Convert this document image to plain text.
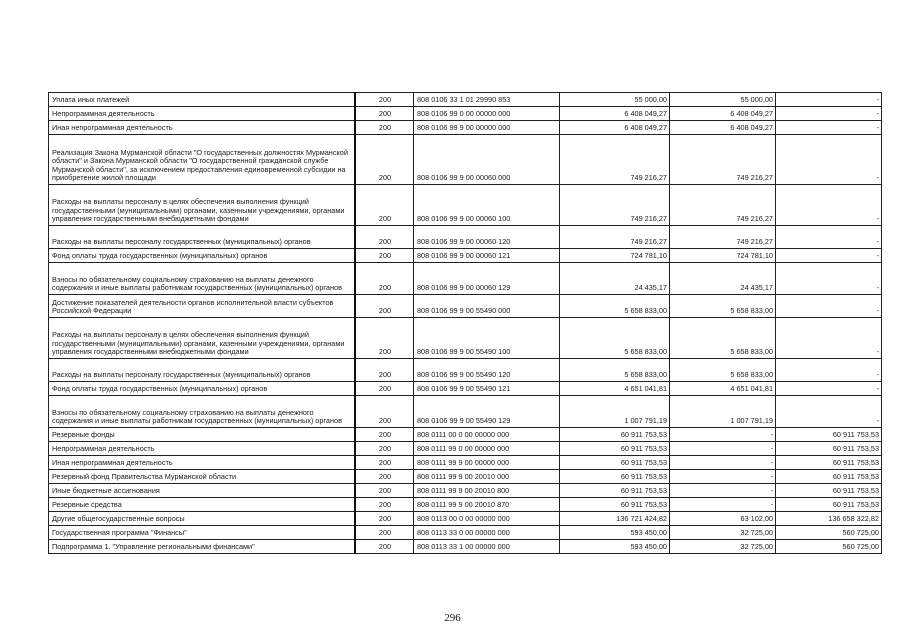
Уплата иных платежей	200	808 0106 33 1 01 29990 853	55 000,00	55 000,00	-
Непрограммная деятельность	200	808 0106 99 0 00 00000 000	6 408 049,27	6 408 049,27	-
Иная непрограммная деятельность	200	808 0106 99 9 00 00000 000	6 408 049,27	6 408 049,27	-
Реализация Закона Мурманской области "О государственных должностях Мурманской области" и Закона Мурманской области "О государственной гражданской службе Мурманской области", за исключением предоставления единовременной субсидии на приобретение жилой площади	200	808 0106 99 9 00 00060 000	749 216,27	749 216,27	-
Расходы на выплаты персоналу в целях обеспечения выполнения функций государственными (муниципальными) органами, казенными учреждениями, органами управления государственными внебюджетными фондами	200	808 0106 99 9 00 00060 100	749 216,27	749 216,27	-
Расходы на выплаты персоналу государственных (муниципальных) органов	200	808 0106 99 9 00 00060 120	749 216,27	749 216,27	-
Фонд оплаты труда государственных (муниципальных) органов	200	808 0106 99 9 00 00060 121	724 781,10	724 781,10	-
Взносы по обязательному социальному страхованию на выплаты денежного содержания и иные выплаты работникам государственных (муниципальных) органов	200	808 0106 99 9 00 00060 129	24 435,17	24 435,17	-
Достижение показателей деятельности органов исполнительной власти субъектов Российской Федерации	200	808 0106 99 9 00 55490 000	5 658 833,00	5 658 833,00	-
Расходы на выплаты персоналу в целях обеспечения выполнения функций государственными (муниципальными) органами, казенными учреждениями, органами управления государственными внебюджетными фондами	200	808 0106 99 9 00 55490 100	5 658 833,00	5 658 833,00	-
Расходы на выплаты персоналу государственных (муниципальных) органов	200	808 0106 99 9 00 55490 120	5 658 833,00	5 658 833,00	-
Фонд оплаты труда государственных (муниципальных) органов	200	808 0106 99 9 00 55490 121	4 651 041,81	4 651 041,81	-
Взносы по обязательному социальному страхованию на выплаты денежного содержания и иные выплаты работникам государственных (муниципальных) органов	200	808 0106 99 9 00 55490 129	1 007 791,19	1 007 791,19	-
Резервные фонды	200	808 0111 00 0 00 00000 000	60 911 753,53	-	60 911 753,53
Непрограммная деятельность	200	808 0111 99 0 00 00000 000	60 911 753,53	-	60 911 753,53
Иная непрограммная деятельность	200	808 0111 99 9 00 00000 000	60 911 753,53	-	60 911 753,53
Резервный фонд Правительства Мурманской области	200	808 0111 99 9 00 20010 000	60 911 753,53	-	60 911 753,53
Иные бюджетные ассигнования	200	808 0111 99 9 00 20010 800	60 911 753,53	-	60 911 753,53
Резервные средства	200	808 0111 99 9 00 20010 870	60 911 753,53	-	60 911 753,53
Другие общегосударственные вопросы	200	808 0113 00 0 00 00000 000	136 721 424,82	63 102,00	136 658 322,82
Государственная программа "Финансы"	200	808 0113 33 0 00 00000 000	593 450,00	32 725,00	560 725,00
Подпрограмма 1. "Управление региональными финансами"	200	808 0113 33 1 00 00000 000	593 450,00	32 725,00	560 725,00
296
